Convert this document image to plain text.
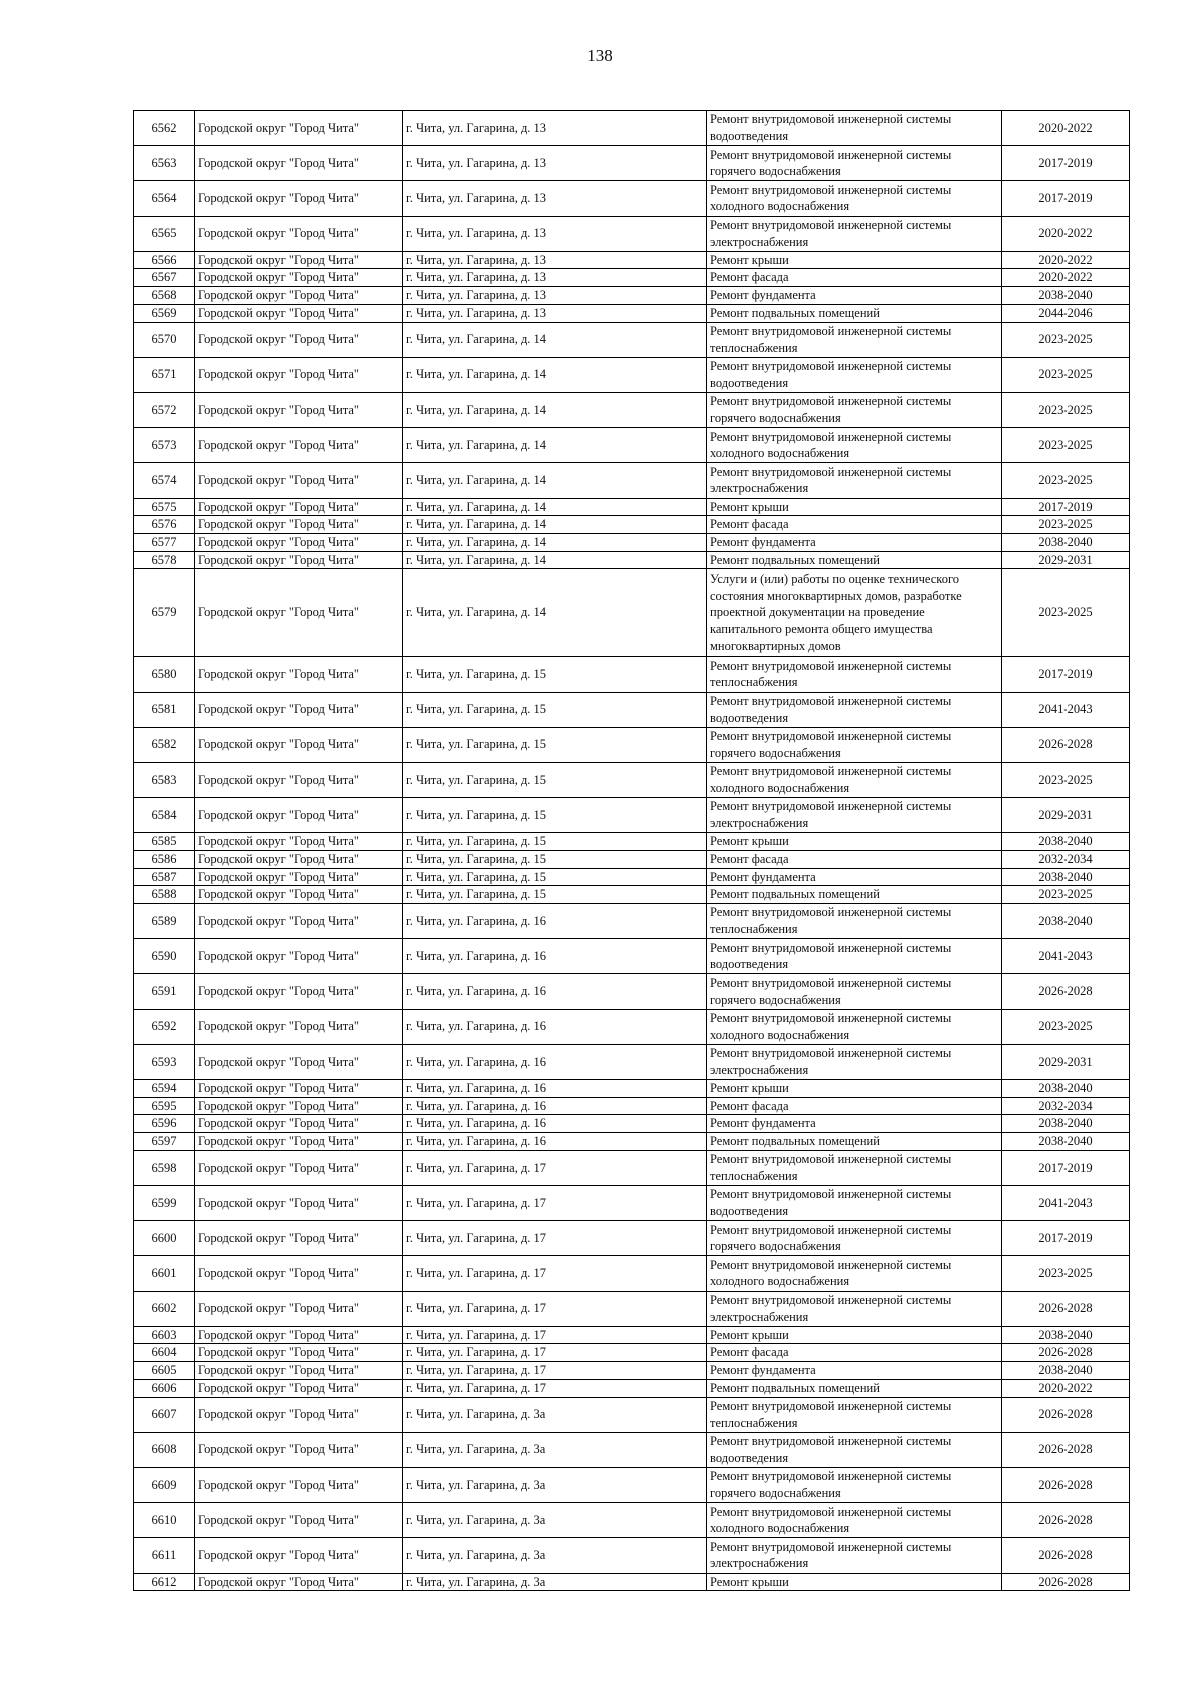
138
6562	Городской округ "Город Чита"	г. Чита, ул. Гагарина, д. 13	Ремонт внутридомовой инженерной системы водоотведения	2020-2022
6563	Городской округ "Город Чита"	г. Чита, ул. Гагарина, д. 13	Ремонт внутридомовой инженерной системы горячего водоснабжения	2017-2019
6564	Городской округ "Город Чита"	г. Чита, ул. Гагарина, д. 13	Ремонт внутридомовой инженерной системы холодного водоснабжения	2017-2019
6565	Городской округ "Город Чита"	г. Чита, ул. Гагарина, д. 13	Ремонт внутридомовой инженерной системы электроснабжения	2020-2022
6566	Городской округ "Город Чита"	г. Чита, ул. Гагарина, д. 13	Ремонт крыши	2020-2022
6567	Городской округ "Город Чита"	г. Чита, ул. Гагарина, д. 13	Ремонт фасада	2020-2022
6568	Городской округ "Город Чита"	г. Чита, ул. Гагарина, д. 13	Ремонт фундамента	2038-2040
6569	Городской округ "Город Чита"	г. Чита, ул. Гагарина, д. 13	Ремонт подвальных помещений	2044-2046
6570	Городской округ "Город Чита"	г. Чита, ул. Гагарина, д. 14	Ремонт внутридомовой инженерной системы теплоснабжения	2023-2025
6571	Городской округ "Город Чита"	г. Чита, ул. Гагарина, д. 14	Ремонт внутридомовой инженерной системы водоотведения	2023-2025
6572	Городской округ "Город Чита"	г. Чита, ул. Гагарина, д. 14	Ремонт внутридомовой инженерной системы горячего водоснабжения	2023-2025
6573	Городской округ "Город Чита"	г. Чита, ул. Гагарина, д. 14	Ремонт внутридомовой инженерной системы холодного водоснабжения	2023-2025
6574	Городской округ "Город Чита"	г. Чита, ул. Гагарина, д. 14	Ремонт внутридомовой инженерной системы электроснабжения	2023-2025
6575	Городской округ "Город Чита"	г. Чита, ул. Гагарина, д. 14	Ремонт крыши	2017-2019
6576	Городской округ "Город Чита"	г. Чита, ул. Гагарина, д. 14	Ремонт фасада	2023-2025
6577	Городской округ "Город Чита"	г. Чита, ул. Гагарина, д. 14	Ремонт фундамента	2038-2040
6578	Городской округ "Город Чита"	г. Чита, ул. Гагарина, д. 14	Ремонт подвальных помещений	2029-2031
6579	Городской округ "Город Чита"	г. Чита, ул. Гагарина, д. 14	Услуги и (или) работы по оценке технического состояния многоквартирных домов, разработке проектной документации на проведение капитального ремонта общего имущества многоквартирных домов	2023-2025
6580	Городской округ "Город Чита"	г. Чита, ул. Гагарина, д. 15	Ремонт внутридомовой инженерной системы теплоснабжения	2017-2019
6581	Городской округ "Город Чита"	г. Чита, ул. Гагарина, д. 15	Ремонт внутридомовой инженерной системы водоотведения	2041-2043
6582	Городской округ "Город Чита"	г. Чита, ул. Гагарина, д. 15	Ремонт внутридомовой инженерной системы горячего водоснабжения	2026-2028
6583	Городской округ "Город Чита"	г. Чита, ул. Гагарина, д. 15	Ремонт внутридомовой инженерной системы холодного водоснабжения	2023-2025
6584	Городской округ "Город Чита"	г. Чита, ул. Гагарина, д. 15	Ремонт внутридомовой инженерной системы электроснабжения	2029-2031
6585	Городской округ "Город Чита"	г. Чита, ул. Гагарина, д. 15	Ремонт крыши	2038-2040
6586	Городской округ "Город Чита"	г. Чита, ул. Гагарина, д. 15	Ремонт фасада	2032-2034
6587	Городской округ "Город Чита"	г. Чита, ул. Гагарина, д. 15	Ремонт фундамента	2038-2040
6588	Городской округ "Город Чита"	г. Чита, ул. Гагарина, д. 15	Ремонт подвальных помещений	2023-2025
6589	Городской округ "Город Чита"	г. Чита, ул. Гагарина, д. 16	Ремонт внутридомовой инженерной системы теплоснабжения	2038-2040
6590	Городской округ "Город Чита"	г. Чита, ул. Гагарина, д. 16	Ремонт внутридомовой инженерной системы водоотведения	2041-2043
6591	Городской округ "Город Чита"	г. Чита, ул. Гагарина, д. 16	Ремонт внутридомовой инженерной системы горячего водоснабжения	2026-2028
6592	Городской округ "Город Чита"	г. Чита, ул. Гагарина, д. 16	Ремонт внутридомовой инженерной системы холодного водоснабжения	2023-2025
6593	Городской округ "Город Чита"	г. Чита, ул. Гагарина, д. 16	Ремонт внутридомовой инженерной системы электроснабжения	2029-2031
6594	Городской округ "Город Чита"	г. Чита, ул. Гагарина, д. 16	Ремонт крыши	2038-2040
6595	Городской округ "Город Чита"	г. Чита, ул. Гагарина, д. 16	Ремонт фасада	2032-2034
6596	Городской округ "Город Чита"	г. Чита, ул. Гагарина, д. 16	Ремонт фундамента	2038-2040
6597	Городской округ "Город Чита"	г. Чита, ул. Гагарина, д. 16	Ремонт подвальных помещений	2038-2040
6598	Городской округ "Город Чита"	г. Чита, ул. Гагарина, д. 17	Ремонт внутридомовой инженерной системы теплоснабжения	2017-2019
6599	Городской округ "Город Чита"	г. Чита, ул. Гагарина, д. 17	Ремонт внутридомовой инженерной системы водоотведения	2041-2043
6600	Городской округ "Город Чита"	г. Чита, ул. Гагарина, д. 17	Ремонт внутридомовой инженерной системы горячего водоснабжения	2017-2019
6601	Городской округ "Город Чита"	г. Чита, ул. Гагарина, д. 17	Ремонт внутридомовой инженерной системы холодного водоснабжения	2023-2025
6602	Городской округ "Город Чита"	г. Чита, ул. Гагарина, д. 17	Ремонт внутридомовой инженерной системы электроснабжения	2026-2028
6603	Городской округ "Город Чита"	г. Чита, ул. Гагарина, д. 17	Ремонт крыши	2038-2040
6604	Городской округ "Город Чита"	г. Чита, ул. Гагарина, д. 17	Ремонт фасада	2026-2028
6605	Городской округ "Город Чита"	г. Чита, ул. Гагарина, д. 17	Ремонт фундамента	2038-2040
6606	Городской округ "Город Чита"	г. Чита, ул. Гагарина, д. 17	Ремонт подвальных помещений	2020-2022
6607	Городской округ "Город Чита"	г. Чита, ул. Гагарина, д. 3а	Ремонт внутридомовой инженерной системы теплоснабжения	2026-2028
6608	Городской округ "Город Чита"	г. Чита, ул. Гагарина, д. 3а	Ремонт внутридомовой инженерной системы водоотведения	2026-2028
6609	Городской округ "Город Чита"	г. Чита, ул. Гагарина, д. 3а	Ремонт внутридомовой инженерной системы горячего водоснабжения	2026-2028
6610	Городской округ "Город Чита"	г. Чита, ул. Гагарина, д. 3а	Ремонт внутридомовой инженерной системы холодного водоснабжения	2026-2028
6611	Городской округ "Город Чита"	г. Чита, ул. Гагарина, д. 3а	Ремонт внутридомовой инженерной системы электроснабжения	2026-2028
6612	Городской округ "Город Чита"	г. Чита, ул. Гагарина, д. 3а	Ремонт крыши	2026-2028
